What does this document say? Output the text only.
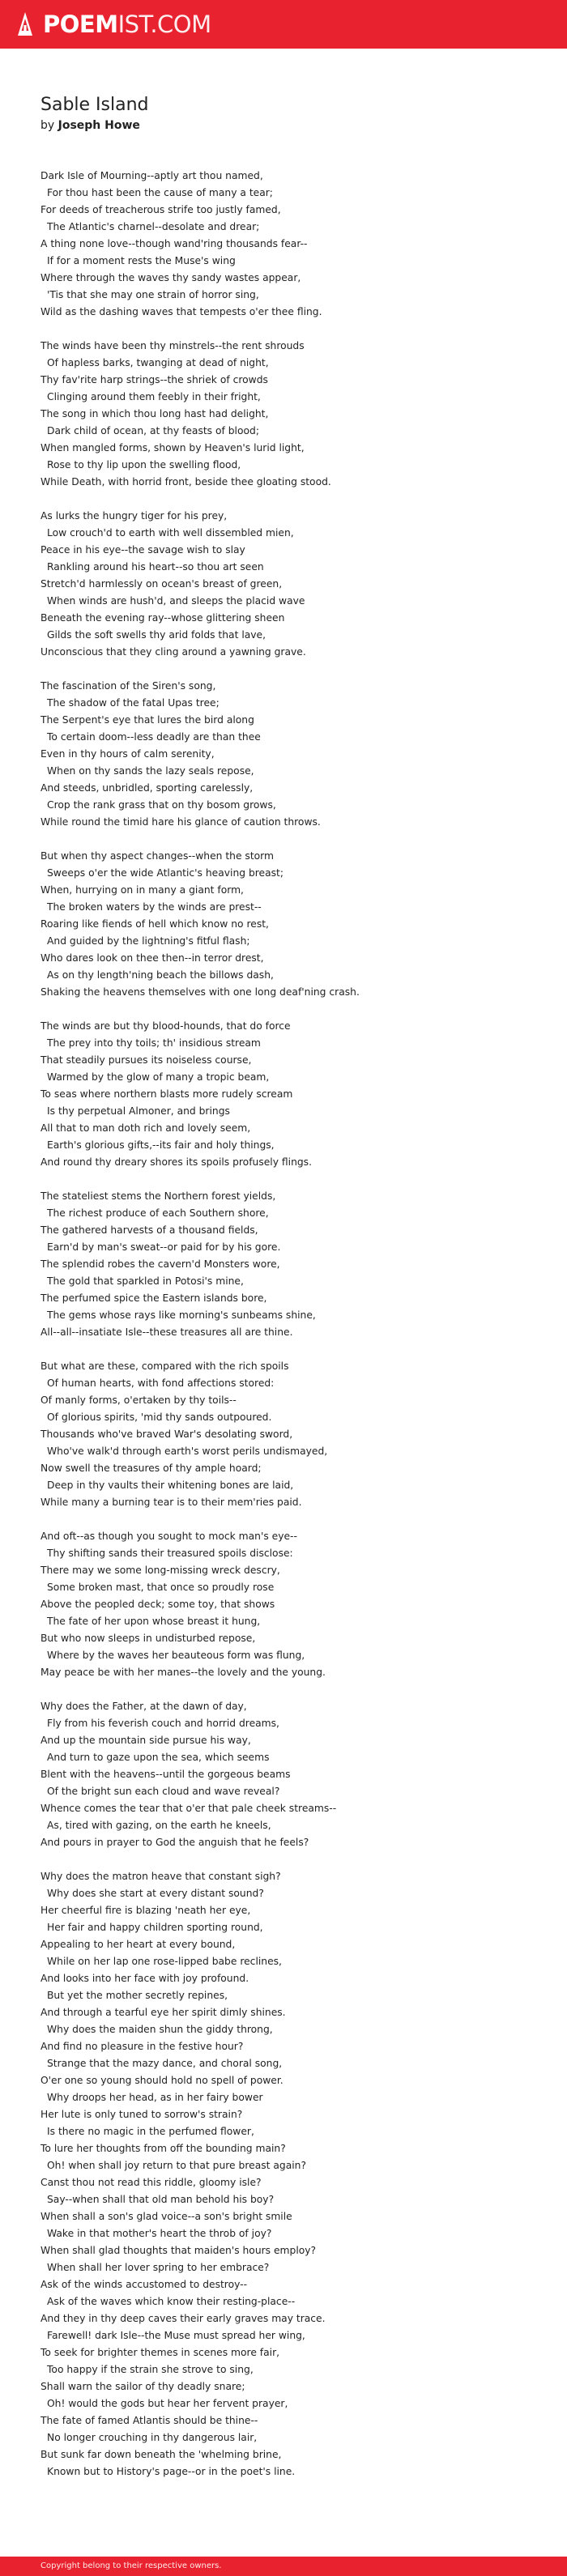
POEMIST.COM
Sable Island
by Joseph Howe
Dark Isle of Mourning--aptly art thou named,
For thou hast been the cause of many a tear;
For deeds of treacherous strife too justly famed,
The Atlantic's charnel--desolate and drear;
A thing none love--though wand'ring thousands fear--
If for a moment rests the Muse's wing
Where through the waves thy sandy wastes appear,
'Tis that she may one strain of horror sing,
Wild as the dashing waves that tempests o'er thee fling.
The winds have been thy minstrels--the rent shrouds
Of hapless barks, twanging at dead of night,
Thy fav'rite harp strings--the shriek of crowds
Clinging around them feebly in their fright,
The song in which thou long hast had delight,
Dark child of ocean, at thy feasts of blood;
When mangled forms, shown by Heaven's lurid light,
Rose to thy lip upon the swelling flood,
While Death, with horrid front, beside thee gloating stood.
As lurks the hungry tiger for his prey,
Low crouch'd to earth with well dissembled mien,
Peace in his eye--the savage wish to slay
Rankling around his heart--so thou art seen
Stretch'd harmlessly on ocean's breast of green,
When winds are hush'd, and sleeps the placid wave
Beneath the evening ray--whose glittering sheen
Gilds the soft swells thy arid folds that lave,
Unconscious that they cling around a yawning grave.
The fascination of the Siren's song,
The shadow of the fatal Upas tree;
The Serpent's eye that lures the bird along
To certain doom--less deadly are than thee
Even in thy hours of calm serenity,
When on thy sands the lazy seals repose,
And steeds, unbridled, sporting carelessly,
Crop the rank grass that on thy bosom grows,
While round the timid hare his glance of caution throws.
But when thy aspect changes--when the storm
Sweeps o'er the wide Atlantic's heaving breast;
When, hurrying on in many a giant form,
The broken waters by the winds are prest--
Roaring like fiends of hell which know no rest,
And guided by the lightning's fitful flash;
Who dares look on thee then--in terror drest,
As on thy length'ning beach the billows dash,
Shaking the heavens themselves with one long deaf'ning crash.
The winds are but thy blood-hounds, that do force
The prey into thy toils; th' insidious stream
That steadily pursues its noiseless course,
Warmed by the glow of many a tropic beam,
To seas where northern blasts more rudely scream
Is thy perpetual Almoner, and brings
All that to man doth rich and lovely seem,
Earth's glorious gifts,--its fair and holy things,
And round thy dreary shores its spoils profusely flings.
The stateliest stems the Northern forest yields,
The richest produce of each Southern shore,
The gathered harvests of a thousand fields,
Earn'd by man's sweat--or paid for by his gore.
The splendid robes the cavern'd Monsters wore,
The gold that sparkled in Potosi's mine,
The perfumed spice the Eastern islands bore,
The gems whose rays like morning's sunbeams shine,
All--all--insatiate Isle--these treasures all are thine.
But what are these, compared with the rich spoils
Of human hearts, with fond affections stored:
Of manly forms, o'ertaken by thy toils--
Of glorious spirits, 'mid thy sands outpoured.
Thousands who've braved War's desolating sword,
Who've walk'd through earth's worst perils undismayed,
Now swell the treasures of thy ample hoard;
Deep in thy vaults their whitening bones are laid,
While many a burning tear is to their mem'ries paid.
And oft--as though you sought to mock man's eye--
Thy shifting sands their treasured spoils disclose:
There may we some long-missing wreck descry,
Some broken mast, that once so proudly rose
Above the peopled deck; some toy, that shows
The fate of her upon whose breast it hung,
But who now sleeps in undisturbed repose,
Where by the waves her beauteous form was flung,
May peace be with her manes--the lovely and the young.
Why does the Father, at the dawn of day,
Fly from his feverish couch and horrid dreams,
And up the mountain side pursue his way,
And turn to gaze upon the sea, which seems
Blent with the heavens--until the gorgeous beams
Of the bright sun each cloud and wave reveal?
Whence comes the tear that o'er that pale cheek streams--
As, tired with gazing, on the earth he kneels,
And pours in prayer to God the anguish that he feels?
Why does the matron heave that constant sigh?
Why does she start at every distant sound?
Her cheerful fire is blazing 'neath her eye,
Her fair and happy children sporting round,
Appealing to her heart at every bound,
While on her lap one rose-lipped babe reclines,
And looks into her face with joy profound.
But yet the mother secretly repines,
And through a tearful eye her spirit dimly shines.
Why does the maiden shun the giddy throng,
And find no pleasure in the festive hour?
Strange that the mazy dance, and choral song,
O'er one so young should hold no spell of power.
Why droops her head, as in her fairy bower
Her lute is only tuned to sorrow's strain?
Is there no magic in the perfumed flower,
To lure her thoughts from off the bounding main?
Oh! when shall joy return to that pure breast again?
Canst thou not read this riddle, gloomy isle?
Say--when shall that old man behold his boy?
When shall a son's glad voice--a son's bright smile
Wake in that mother's heart the throb of joy?
When shall glad thoughts that maiden's hours employ?
When shall her lover spring to her embrace?
Ask of the winds accustomed to destroy--
Ask of the waves which know their resting-place--
And they in thy deep caves their early graves may trace.
Farewell! dark Isle--the Muse must spread her wing,
To seek for brighter themes in scenes more fair,
Too happy if the strain she strove to sing,
Shall warn the sailor of thy deadly snare;
Oh! would the gods but hear her fervent prayer,
The fate of famed Atlantis should be thine--
No longer crouching in thy dangerous lair,
But sunk far down beneath the 'whelming brine,
Known but to History's page--or in the poet's line.
Copyright belong to their respective owners.
